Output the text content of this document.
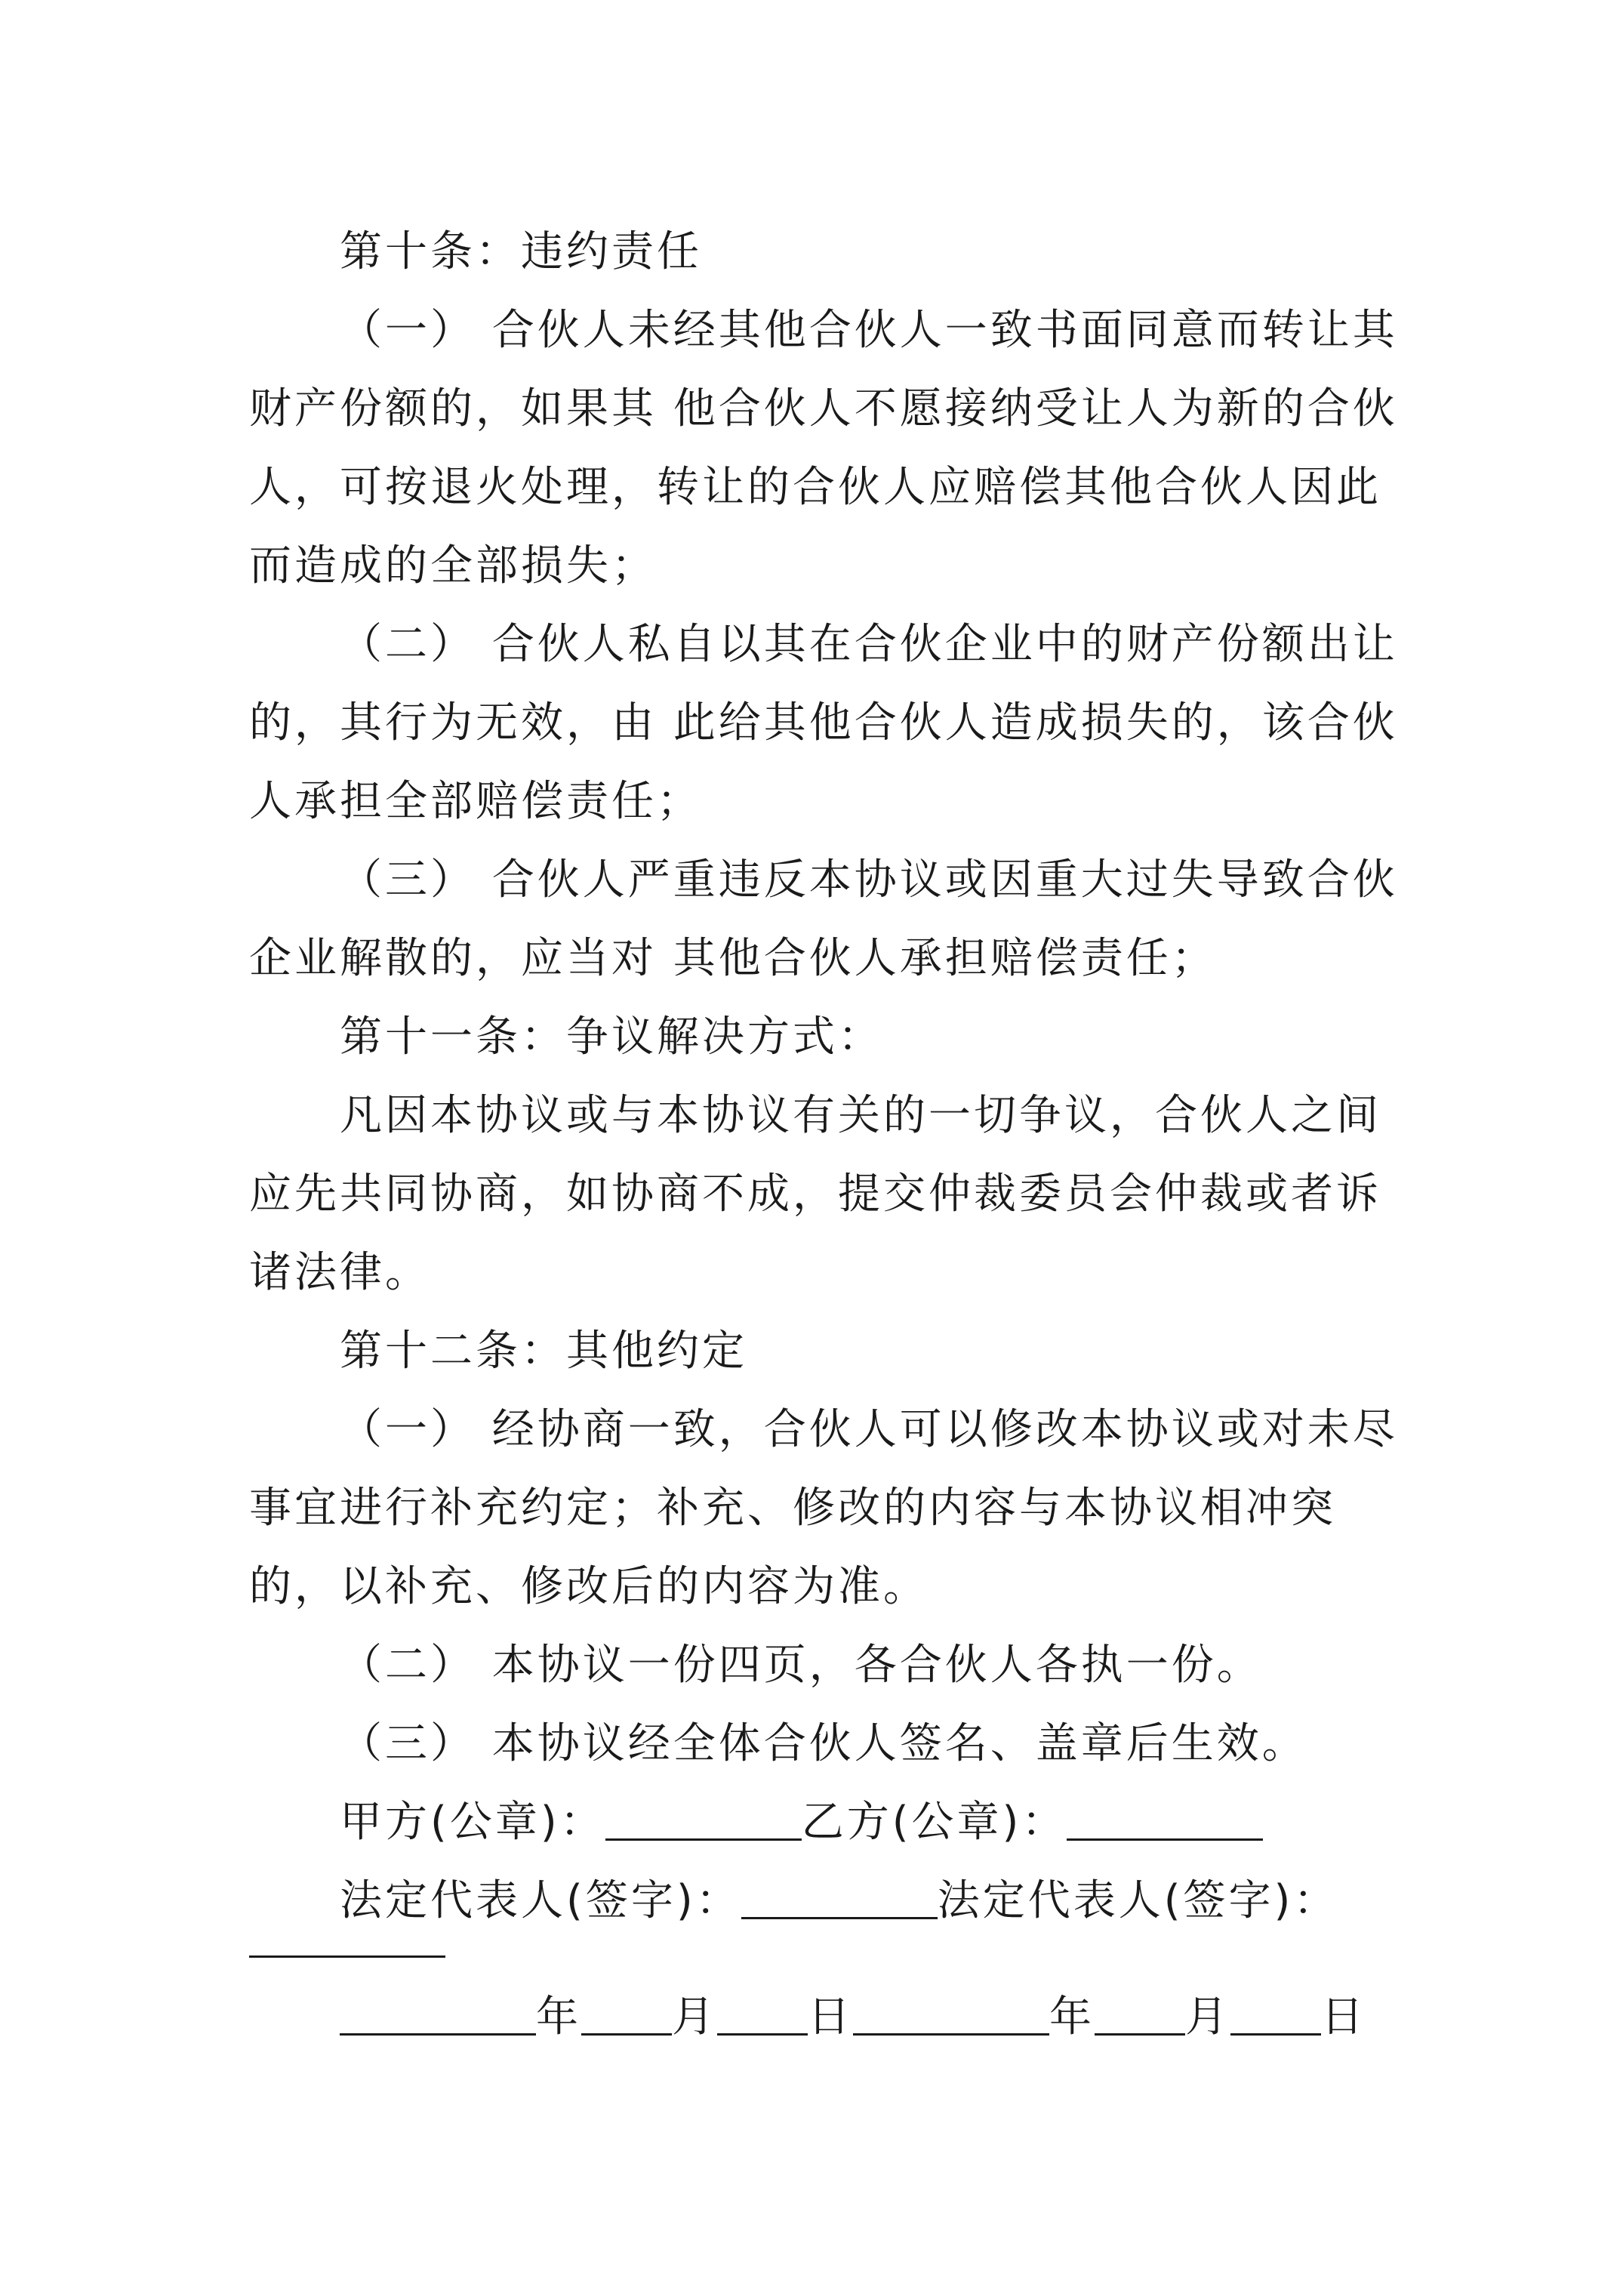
第十条：违约责任

（一） 合伙人未经其他合伙人一致书面同意而转让其财产份额的，如果其 他合伙人不愿接纳受让人为新的合伙人，可按退火处理，转让的合伙人应赔偿其他合伙人因此而造成的全部损失；

（二） 合伙人私自以其在合伙企业中的财产份额出让的，其行为无效，由 此给其他合伙人造成损失的，该合伙人承担全部赔偿责任；

（三） 合伙人严重违反本协议或因重大过失导致合伙企业解散的，应当对 其他合伙人承担赔偿责任；

第十一条：争议解决方式：

凡因本协议或与本协议有关的一切争议，合伙人之间应先共同协商，如协商不成，提交仲裁委员会仲裁或者诉诸法律。

第十二条：其他约定

（一） 经协商一致，合伙人可以修改本协议或对未尽事宜进行补充约定；补充、修改的内容与本协议相冲突的，以补充、修改后的内容为准。

（二） 本协议一份四页，各合伙人各执一份。

（三） 本协议经全体合伙人签名、盖章后生效。

甲方(公章)：	乙方(公章)：

法定代表人(签字)：	法定代表人(签字)：

年 月 日	年 月 日
